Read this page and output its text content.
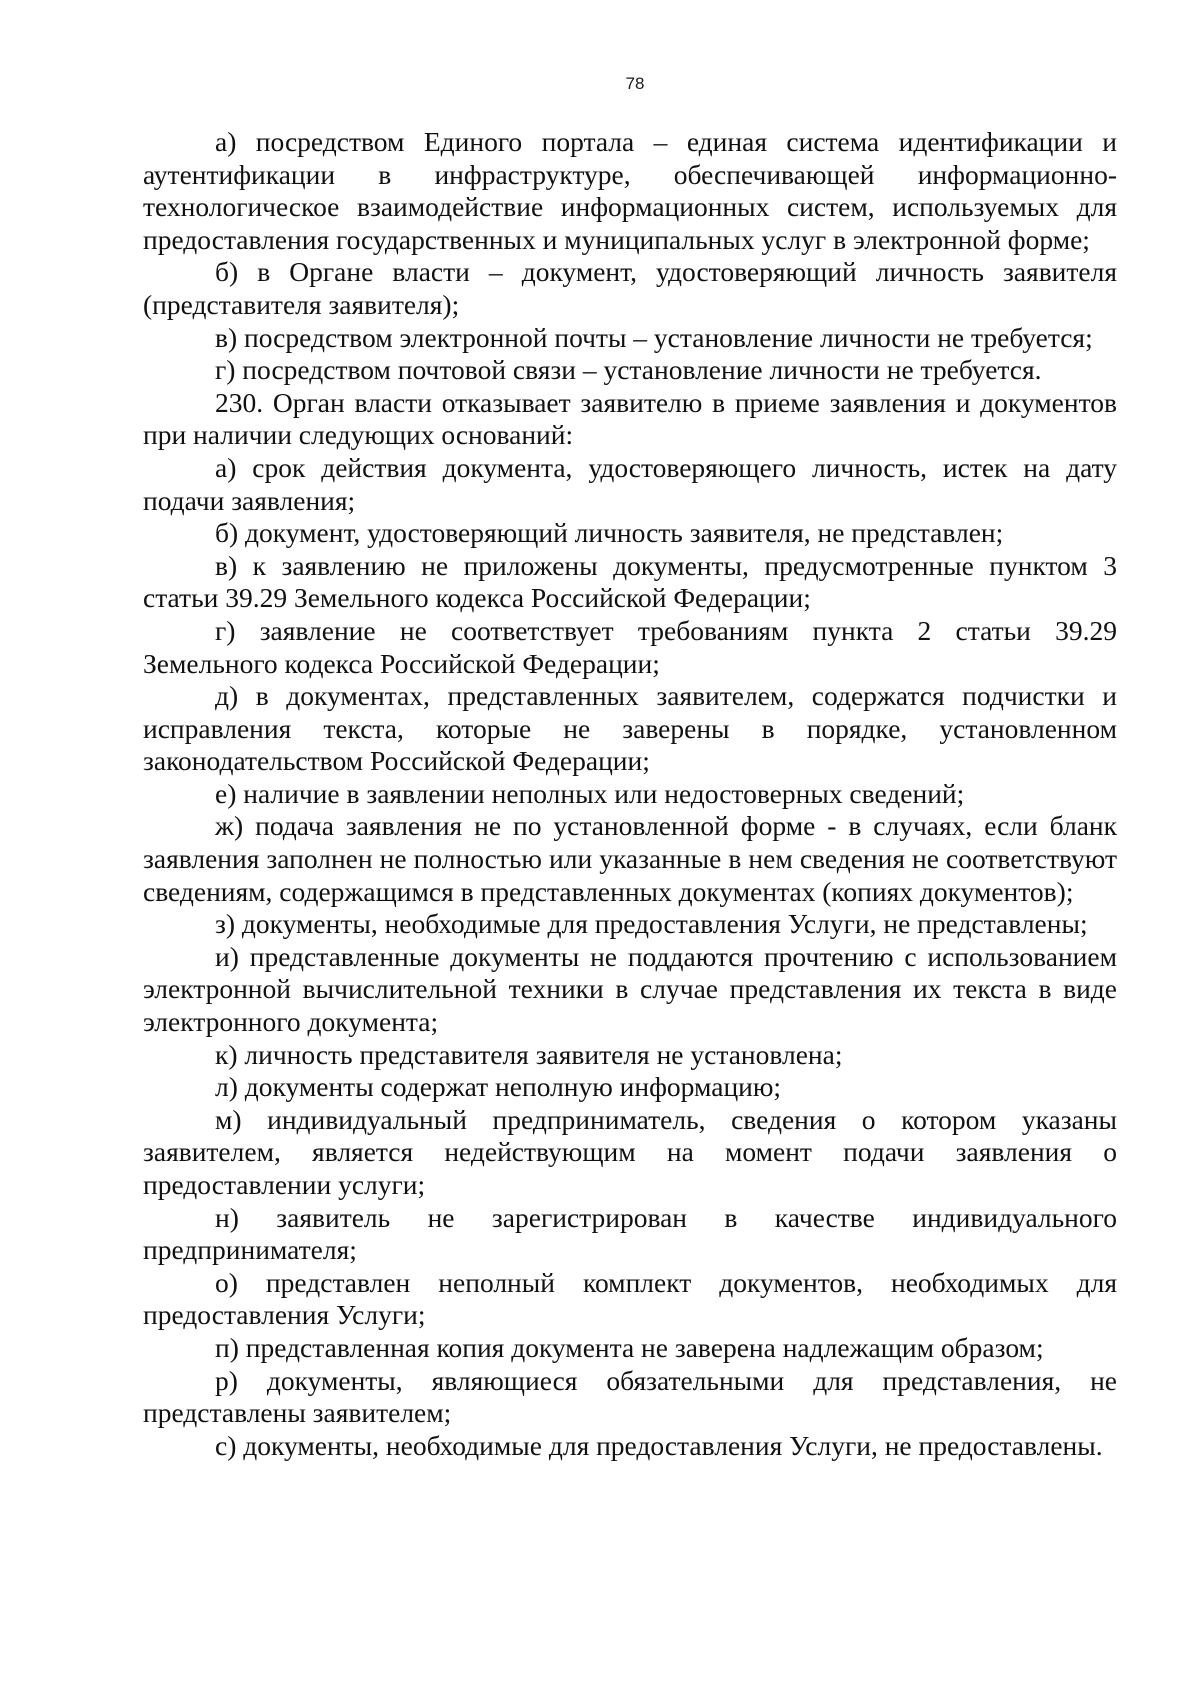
78

а) посредством Единого портала – единая система идентификации и аутентификации в инфраструктуре, обеспечивающей информационно-технологическое взаимодействие информационных систем, используемых для предоставления государственных и муниципальных услуг в электронной форме;

б) в Органе власти – документ, удостоверяющий личность заявителя (представителя заявителя);

в) посредством электронной почты – установление личности не требуется;

г) посредством почтовой связи – установление личности не требуется.

230. Орган власти отказывает заявителю в приеме заявления и документов при наличии следующих оснований:

а) срок действия документа, удостоверяющего личность, истек на дату подачи заявления;

б) документ, удостоверяющий личность заявителя, не представлен;

в) к заявлению не приложены документы, предусмотренные пунктом 3 статьи 39.29 Земельного кодекса Российской Федерации;

г) заявление не соответствует требованиям пункта 2 статьи 39.29 Земельного кодекса Российской Федерации;

д) в документах, представленных заявителем, содержатся подчистки и исправления текста, которые не заверены в порядке, установленном законодательством Российской Федерации;

е) наличие в заявлении неполных или недостоверных сведений;

ж) подача заявления не по установленной форме - в случаях, если бланк заявления заполнен не полностью или указанные в нем сведения не соответствуют сведениям, содержащимся в представленных документах (копиях документов);

з) документы, необходимые для предоставления Услуги, не представлены;

и) представленные документы не поддаются прочтению с использованием электронной вычислительной техники в случае представления их текста в виде электронного документа;

к) личность представителя заявителя не установлена;

л) документы содержат неполную информацию;

м) индивидуальный предприниматель, сведения о котором указаны заявителем, является недействующим на момент подачи заявления о предоставлении услуги;

н) заявитель не зарегистрирован в качестве индивидуального предпринимателя;

о) представлен неполный комплект документов, необходимых для предоставления Услуги;

п) представленная копия документа не заверена надлежащим образом;

р) документы, являющиеся обязательными для представления, не представлены заявителем;

с) документы, необходимые для предоставления Услуги, не предоставлены.
